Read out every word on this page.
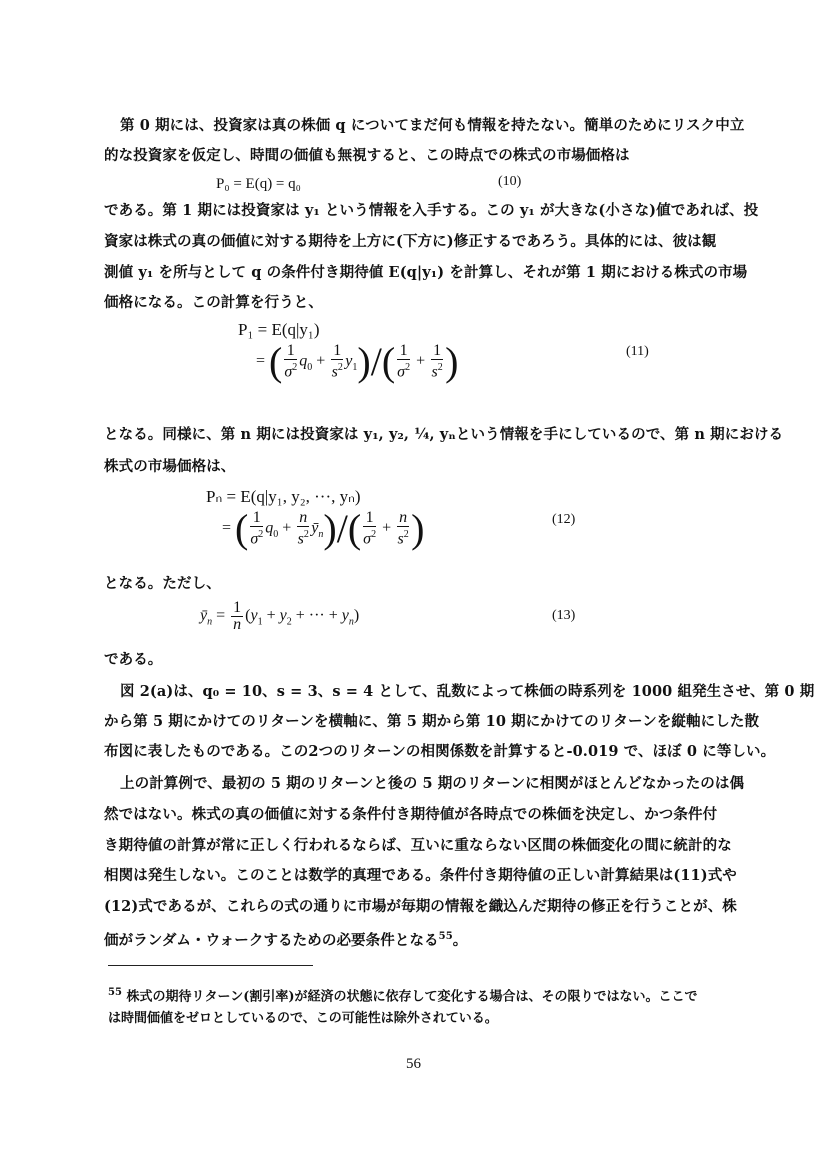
第 0 期には、投資家は真の株価 q についてまだ何も情報を持たない。簡単のためにリスク中立
的な投資家を仮定し、時間の価値も無視すると、この時点での株式の市場価格は
P₀ = E(q) = q₀	(10)
である。第 1 期には投資家は y₁ という情報を入手する。この y₁ が大きな(小さな)値であれば、投
資家は株式の真の価値に対する期待を上方に(下方に)修正するであろう。具体的には、彼は観
測値 y₁ を所与として q の条件付き期待値 E(q|y₁) を計算し、それが第 1 期における株式の市場
価格になる。この計算を行うと、
P₁ = E(q|y₁)
= ( $\frac{1}{\sigma^2} q_0 + \frac{1}{s^2} y_1)/( \frac{1}{\sigma^2} + \frac{1}{s^2}$ )	(11)
となる。同様に、第 n 期には投資家は y₁, y₂, ¼, yₙという情報を手にしているので、第 n 期における
株式の市場価格は、
Pₙ = E(q|y₁, y₂, ···, yₙ)
= ( $\frac{1}{\sigma^2} q_0 + \frac{n}{s^2}$ $ȳ_n)/( \frac{1}{\sigma^2} + \frac{n}{s^2}$ )	(12)
となる。ただし、
$ȳ_n = \frac{1}{n} (y_1 + y_2$ + ··· + $y_n$)	(13)
である。
図 2(a)は、q₀ = 10、s = 3、s = 4 として、乱数によって株価の時系列を 1000 組発生させ、第 0 期
から第 5 期にかけてのリターンを横軸に、第 5 期から第 10 期にかけてのリターンを縦軸にした散
布図に表したものである。この2つのリターンの相関係数を計算すると-0.019 で、ほぼ 0 に等しい。
上の計算例で、最初の 5 期のリターンと後の 5 期のリターンに相関がほとんどなかったのは偶
然ではない。株式の真の価値に対する条件付き期待値が各時点での株価を決定し、かつ条件付
き期待値の計算が常に正しく行われるならば、互いに重ならない区間の株価変化の間に統計的な
相関は発生しない。このことは数学的真理である。条件付き期待値の正しい計算結果は(11)式や
(12)式であるが、これらの式の通りに市場が毎期の情報を織込んだ期待の修正を行うことが、株
価がランダム・ウォークするための必要条件となる$^{55}$。
$^{55}$ 株式の期待リターン(割引率)が経済の状態に依存して変化する場合は、その限りではない。ここで
は時間価値をゼロとしているので、この可能性は除外されている。
56
